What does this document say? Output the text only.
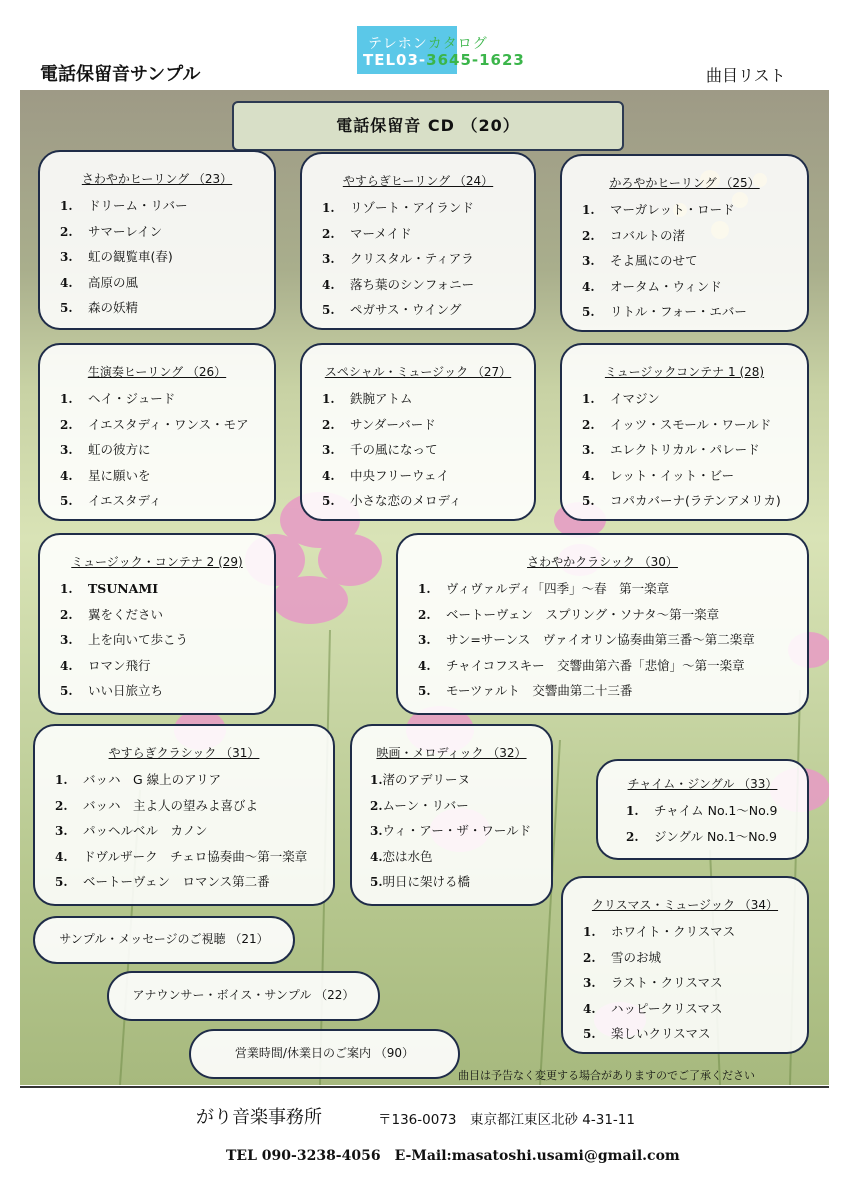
電話保留音サンプル	曲目リスト
テレホンカタログ
TEL03-3645-1623
電話保留音 CD （20）
さわやかヒーリング （23）
1. ドリーム・リバー
2. サマーレイン
3. 虹の観覧車(春)
4. 高原の風
5. 森の妖精
やすらぎヒーリング （24）
1. リゾート・アイランド
2. マーメイド
3. クリスタル・ティアラ
4. 落ち葉のシンフォニー
5. ペガサス・ウイング
かろやかヒーリング （25）
1. マーガレット・ロード
2. コバルトの渚
3. そよ風にのせて
4. オータム・ウィンド
5. リトル・フォー・エバー
生演奏ヒーリング （26）
1. ヘイ・ジュード
2. イエスタディ・ワンス・モア
3. 虹の彼方に
4. 星に願いを
5. イエスタディ
スペシャル・ミュージック （27）
1. 鉄腕アトム
2. サンダーバード
3. 千の風になって
4. 中央フリーウェイ
5. 小さな恋のメロディ
ミュージックコンテナ 1 (28)
1. イマジン
2. イッツ・スモール・ワールド
3. エレクトリカル・パレード
4. レット・イット・ビー
5. コパカバーナ(ラテンアメリカ)
ミュージック・コンテナ 2 (29)
1. TSUNAMI
2. 翼をください
3. 上を向いて歩こう
4. ロマン飛行
5. いい日旅立ち
さわやかクラシック （30）
1. ヴィヴァルディ「四季」～春　第一楽章
2. ベートーヴェン　スプリング・ソナタ～第一楽章
3. サン=サーンス　ヴァイオリン協奏曲第三番～第二楽章
4. チャイコフスキー　交響曲第六番「悲愴」～第一楽章
5. モーツァルト　交響曲第二十三番
やすらぎクラシック （31）
1. バッハ　G 線上のアリア
2. バッハ　主よ人の望みよ喜びよ
3. パッヘルベル　カノン
4. ドヴルザーク　チェロ協奏曲～第一楽章
5. ベートーヴェン　ロマンス第二番
映画・メロディック （32）
1.渚のアデリーヌ
2.ムーン・リバー
3.ウィ・アー・ザ・ワールド
4.恋は水色
5.明日に架ける橋
チャイム・ジングル （33）
1. チャイム No.1～No.9
2. ジングル No.1～No.9
クリスマス・ミュージック （34）
1. ホワイト・クリスマス
2. 雪のお城
3. ラスト・クリスマス
4. ハッピークリスマス
5. 楽しいクリスマス
サンプル・メッセージのご視聴 （21）
アナウンサー・ボイス・サンプル （22）
営業時間/休業日のご案内 （90）
曲目は予告なく変更する場合がありますのでご了承ください
がり音楽事務所	〒136-0073　東京都江東区北砂 4-31-11
TEL 090-3238-4056　E-Mail:masatoshi.usami@gmail.com
